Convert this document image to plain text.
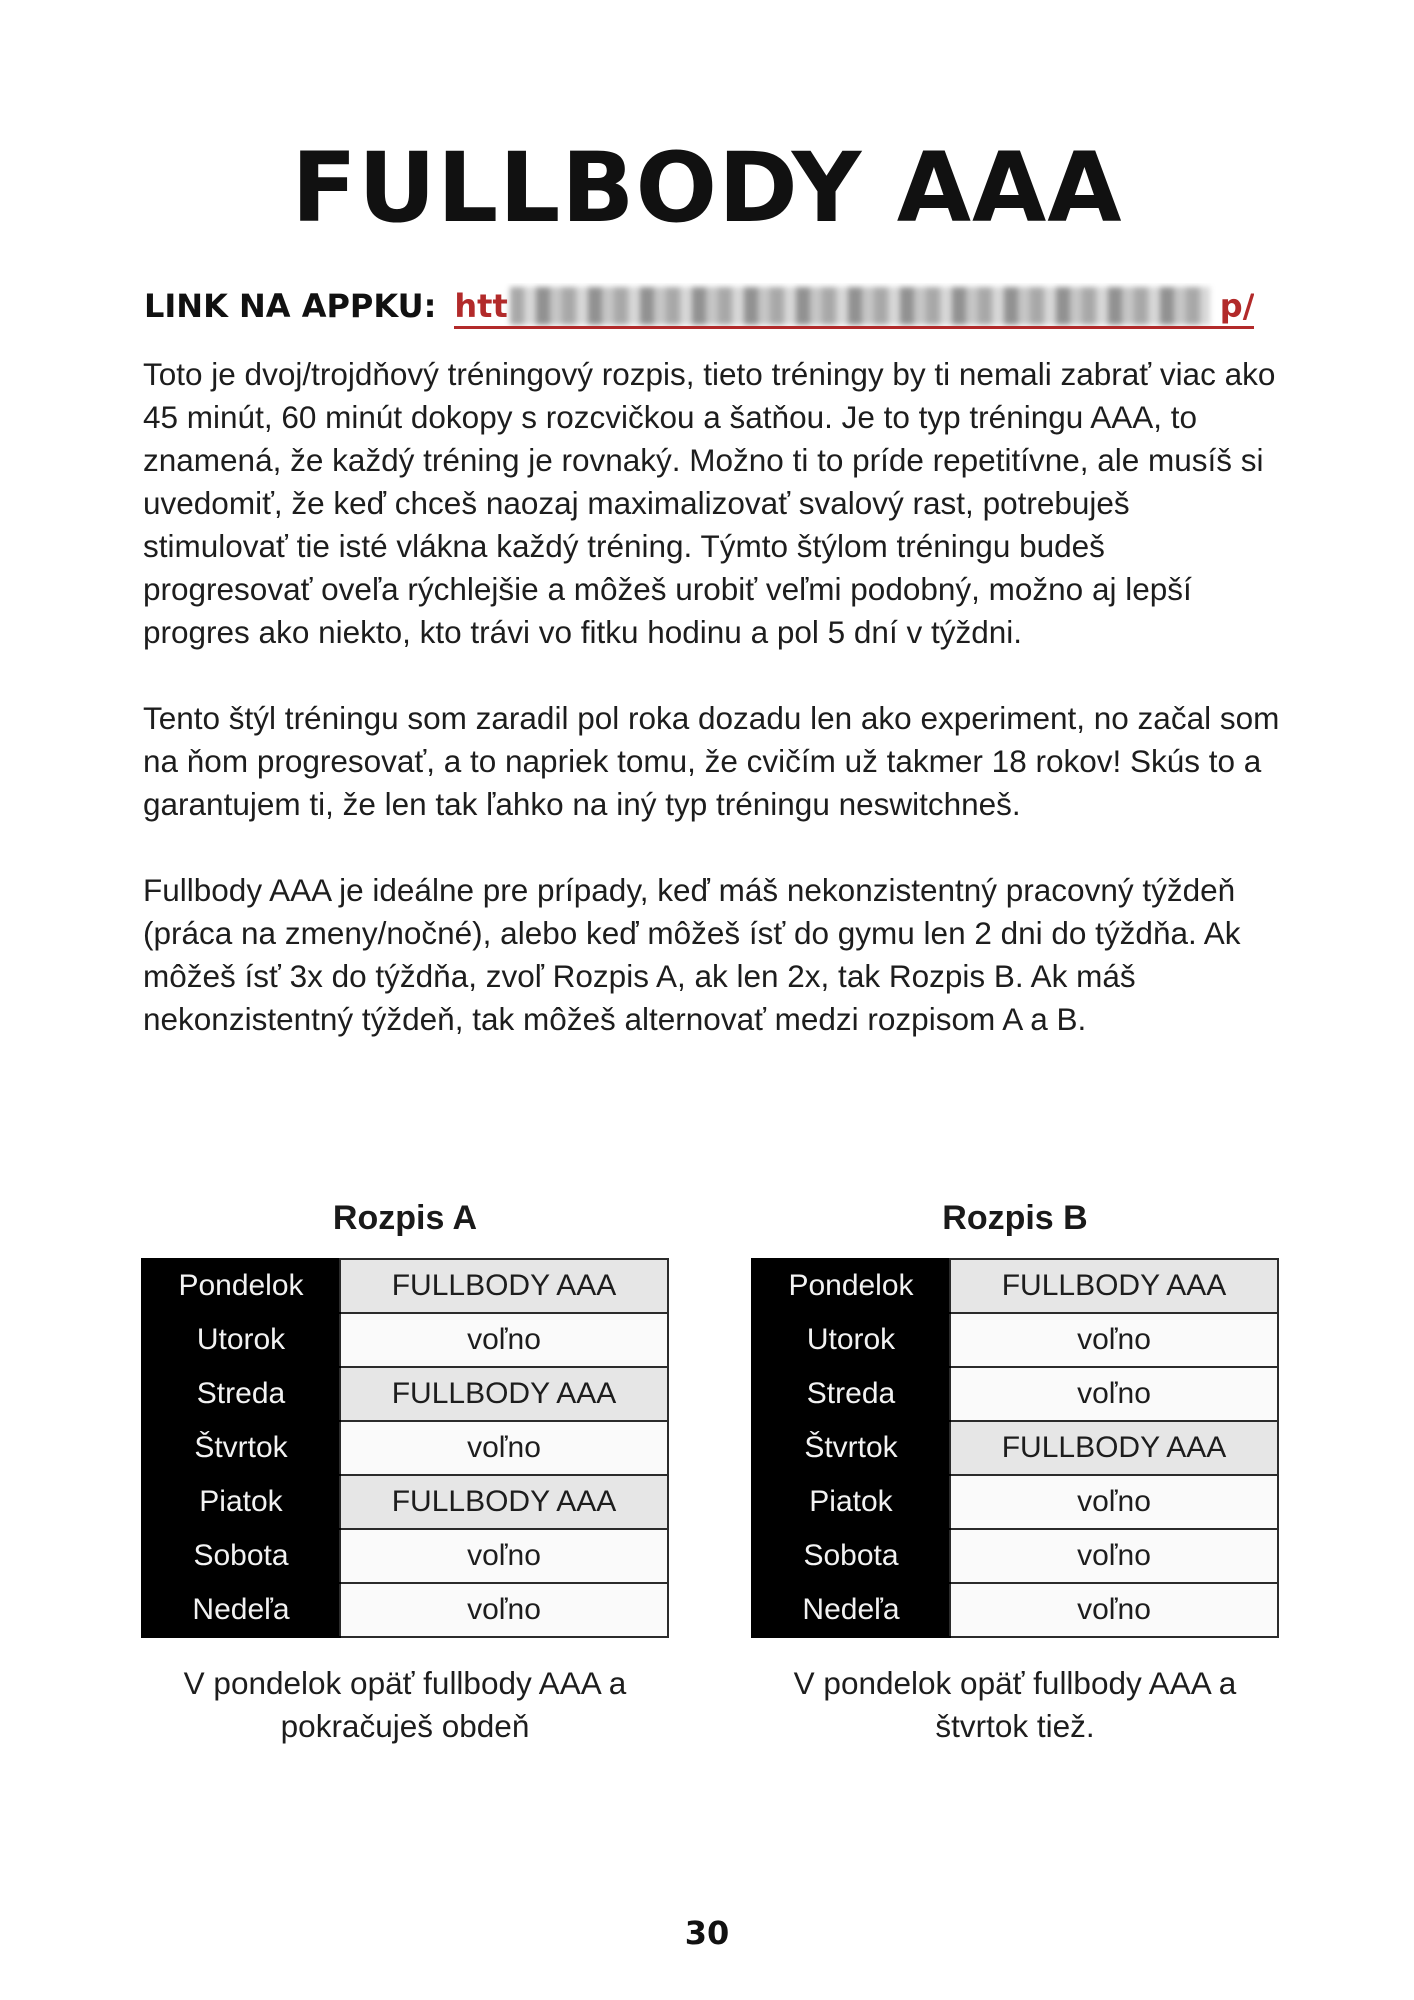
FULLBODY AAA
LINK NA APPKU: htt	p/

Toto je dvoj/trojdňový tréningový rozpis, tieto tréningy by ti nemali zabrať viac ako 45 minút, 60 minút dokopy s rozcvičkou a šatňou. Je to typ tréningu AAA, to znamená, že každý tréning je rovnaký. Možno ti to príde repetitívne, ale musíš si uvedomiť, že keď chceš naozaj maximalizovať svalový rast, potrebuješ stimulovať tie isté vlákna každý tréning. Týmto štýlom tréningu budeš progresovať oveľa rýchlejšie a môžeš urobiť veľmi podobný, možno aj lepší progres ako niekto, kto trávi vo fitku hodinu a pol 5 dní v týždni.

Tento štýl tréningu som zaradil pol roka dozadu len ako experiment, no začal som na ňom progresovať, a to napriek tomu, že cvičím už takmer 18 rokov! Skús to a garantujem ti, že len tak ľahko na iný typ tréningu neswitchneš.

Fullbody AAA je ideálne pre prípady, keď máš nekonzistentný pracovný týždeň (práca na zmeny/nočné), alebo keď môžeš ísť do gymu len 2 dni do týždňa. Ak môžeš ísť 3x do týždňa, zvoľ Rozpis A, ak len 2x, tak Rozpis B. Ak máš nekonzistentný týždeň, tak môžeš alternovať medzi rozpisom A a B.

Rozpis A
Pondelok	FULLBODY AAA
Utorok	voľno
Streda	FULLBODY AAA
Štvrtok	voľno
Piatok	FULLBODY AAA
Sobota	voľno
Nedeľa	voľno
V pondelok opäť fullbody AAA a
pokračuješ obdeň
Rozpis B
Pondelok	FULLBODY AAA
Utorok	voľno
Streda	voľno
Štvrtok	FULLBODY AAA
Piatok	voľno
Sobota	voľno
Nedeľa	voľno
V pondelok opäť fullbody AAA a
štvrtok tiež.
30
